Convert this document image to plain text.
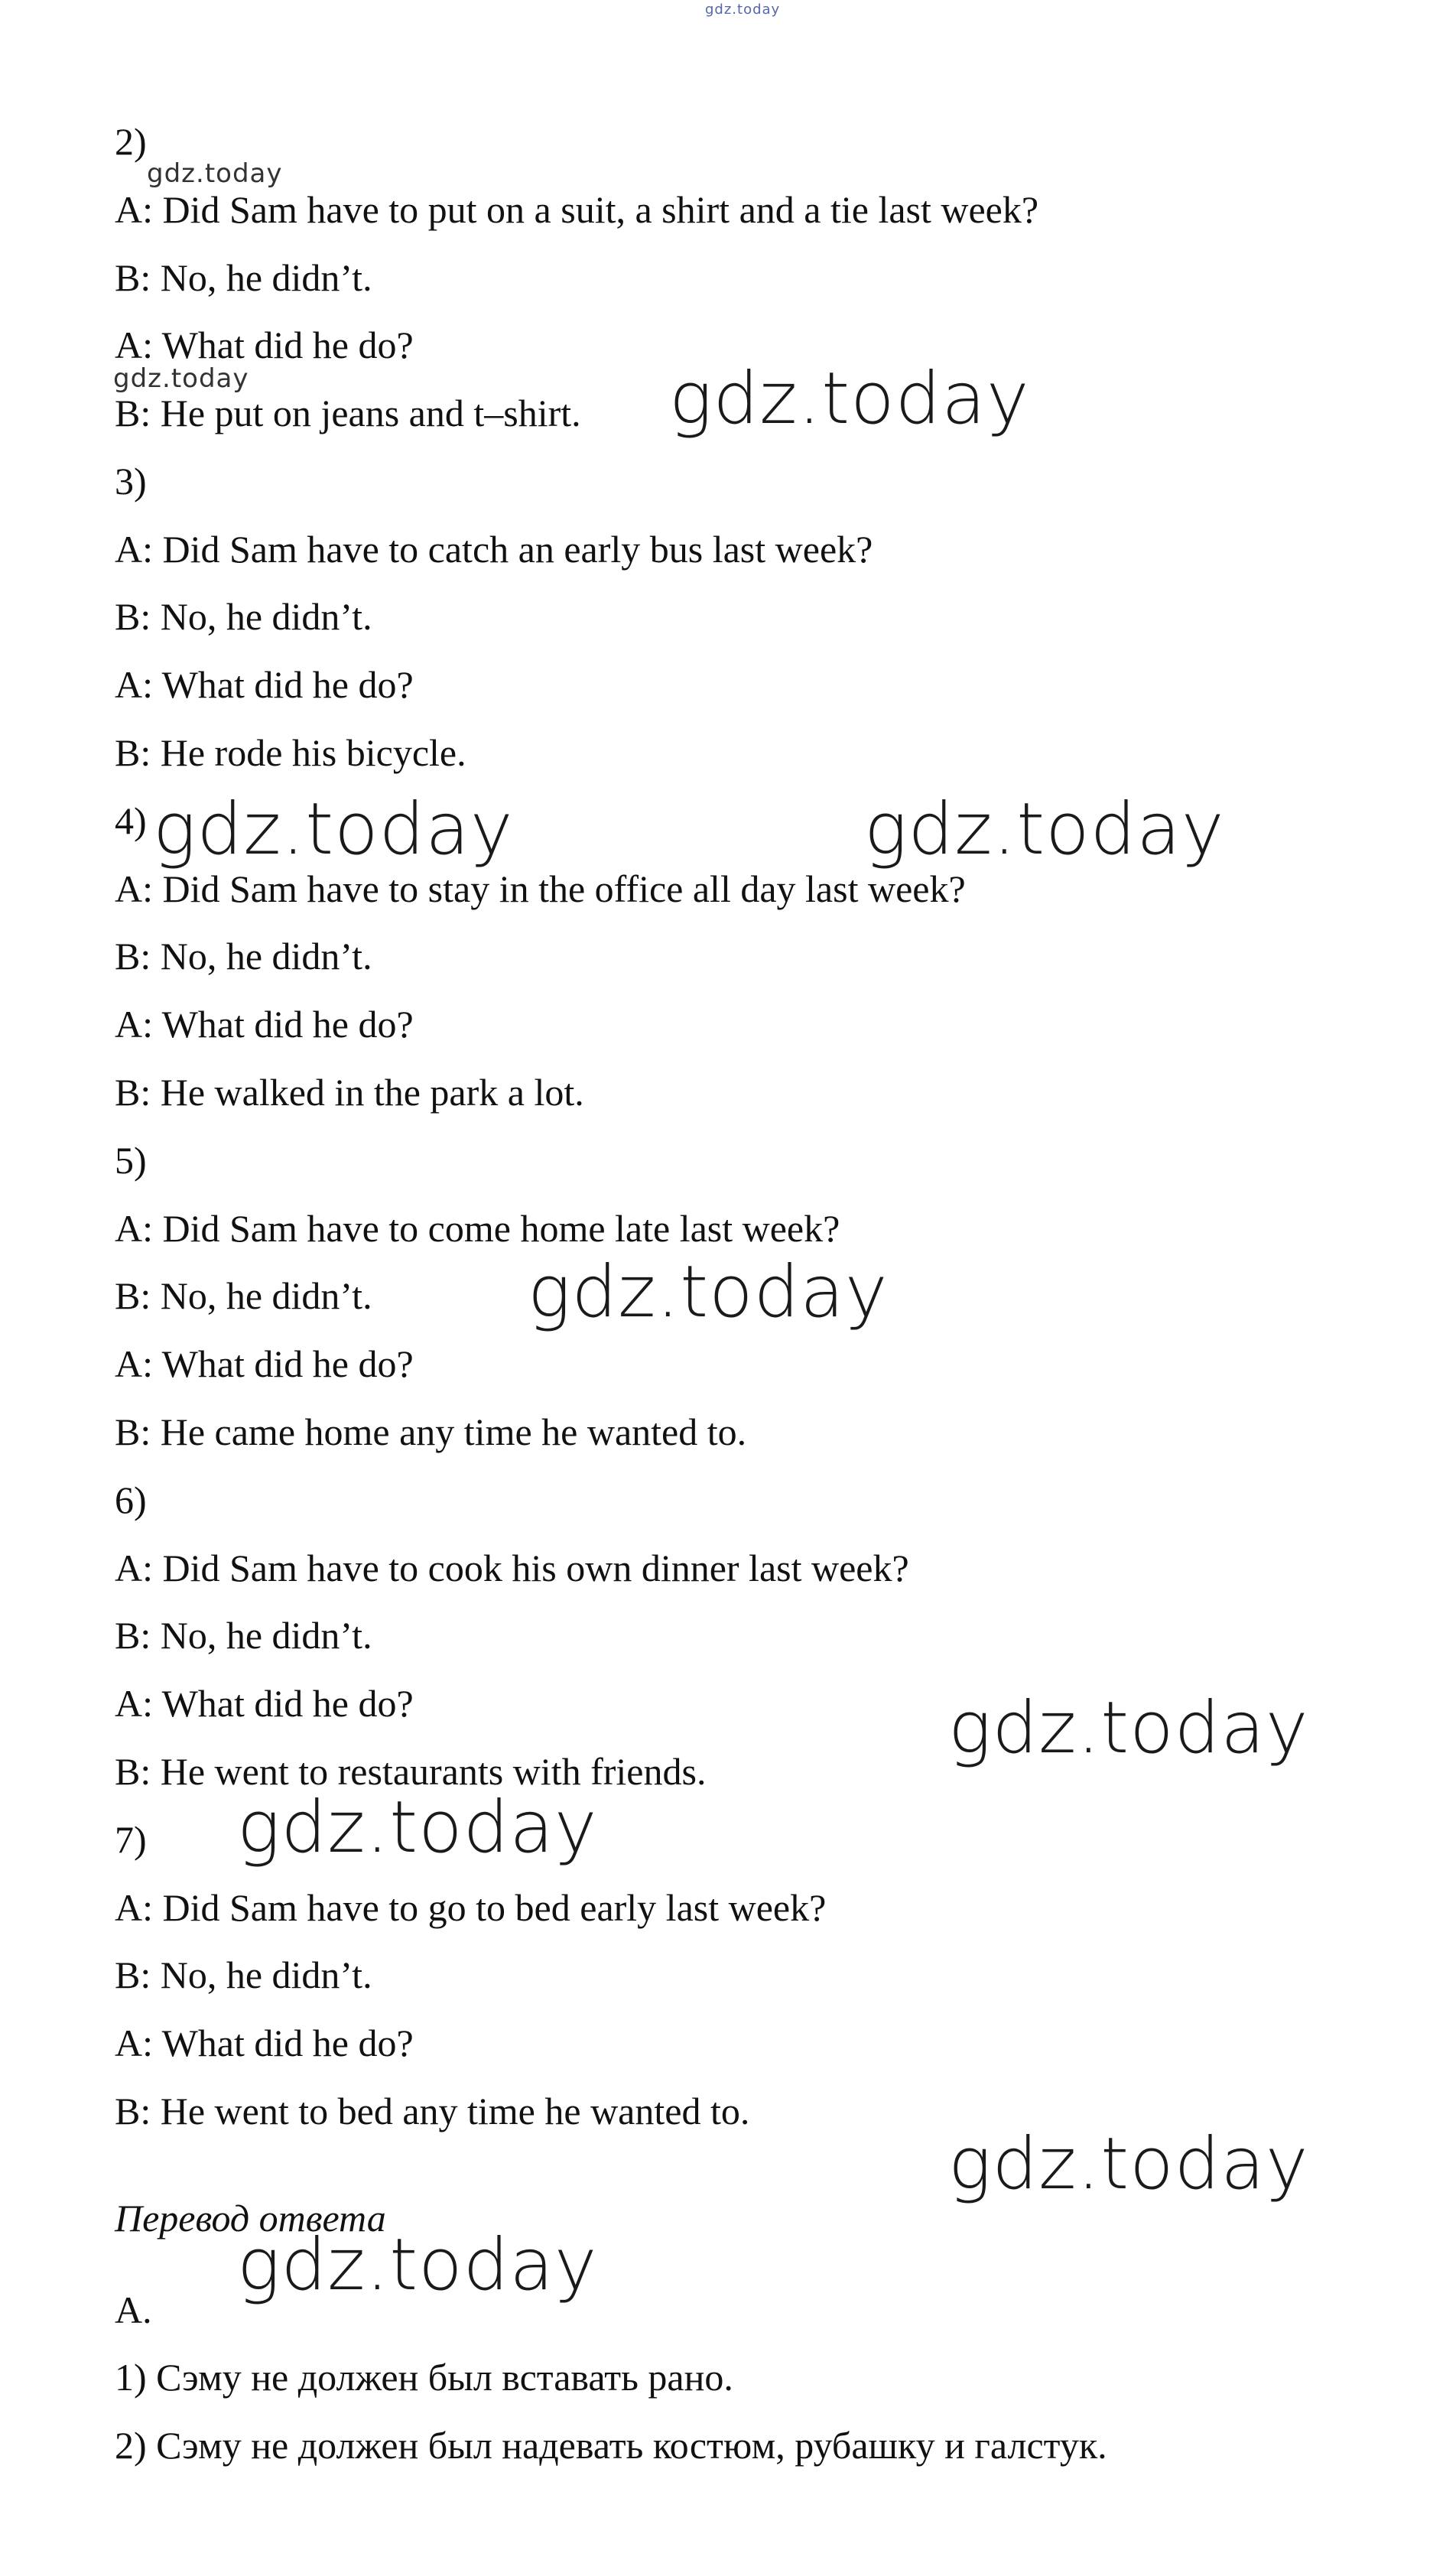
gdz.today
2)
gdz.today
A: Did Sam have to put on a suit, a shirt and a tie last week?
B: No, he didn’t.
A: What did he do?
gdz.today
B: He put on jeans and t–shirt. gdz.today
3)
A: Did Sam have to catch an early bus last week?
B: No, he didn’t.
A: What did he do?
B: He rode his bicycle.
4) gdz.today	gdz.today
A: Did Sam have to stay in the office all day last week?
B: No, he didn’t.
A: What did he do?
B: He walked in the park a lot.
5)
A: Did Sam have to come home late last week?
B: No, he didn’t. gdz.today
A: What did he do?
B: He came home any time he wanted to.
6)
A: Did Sam have to cook his own dinner last week?
B: No, he didn’t.
A: What did he do?	gdz.today
B: He went to restaurants with friends.
7) gdz.today
A: Did Sam have to go to bed early last week?
B: No, he didn’t.
A: What did he do?
B: He went to bed any time he wanted to.
gdz.today
Перевод ответа
gdz.today
A.
1) Сэму не должен был вставать рано.
2) Сэму не должен был надевать костюм, рубашку и галстук.
